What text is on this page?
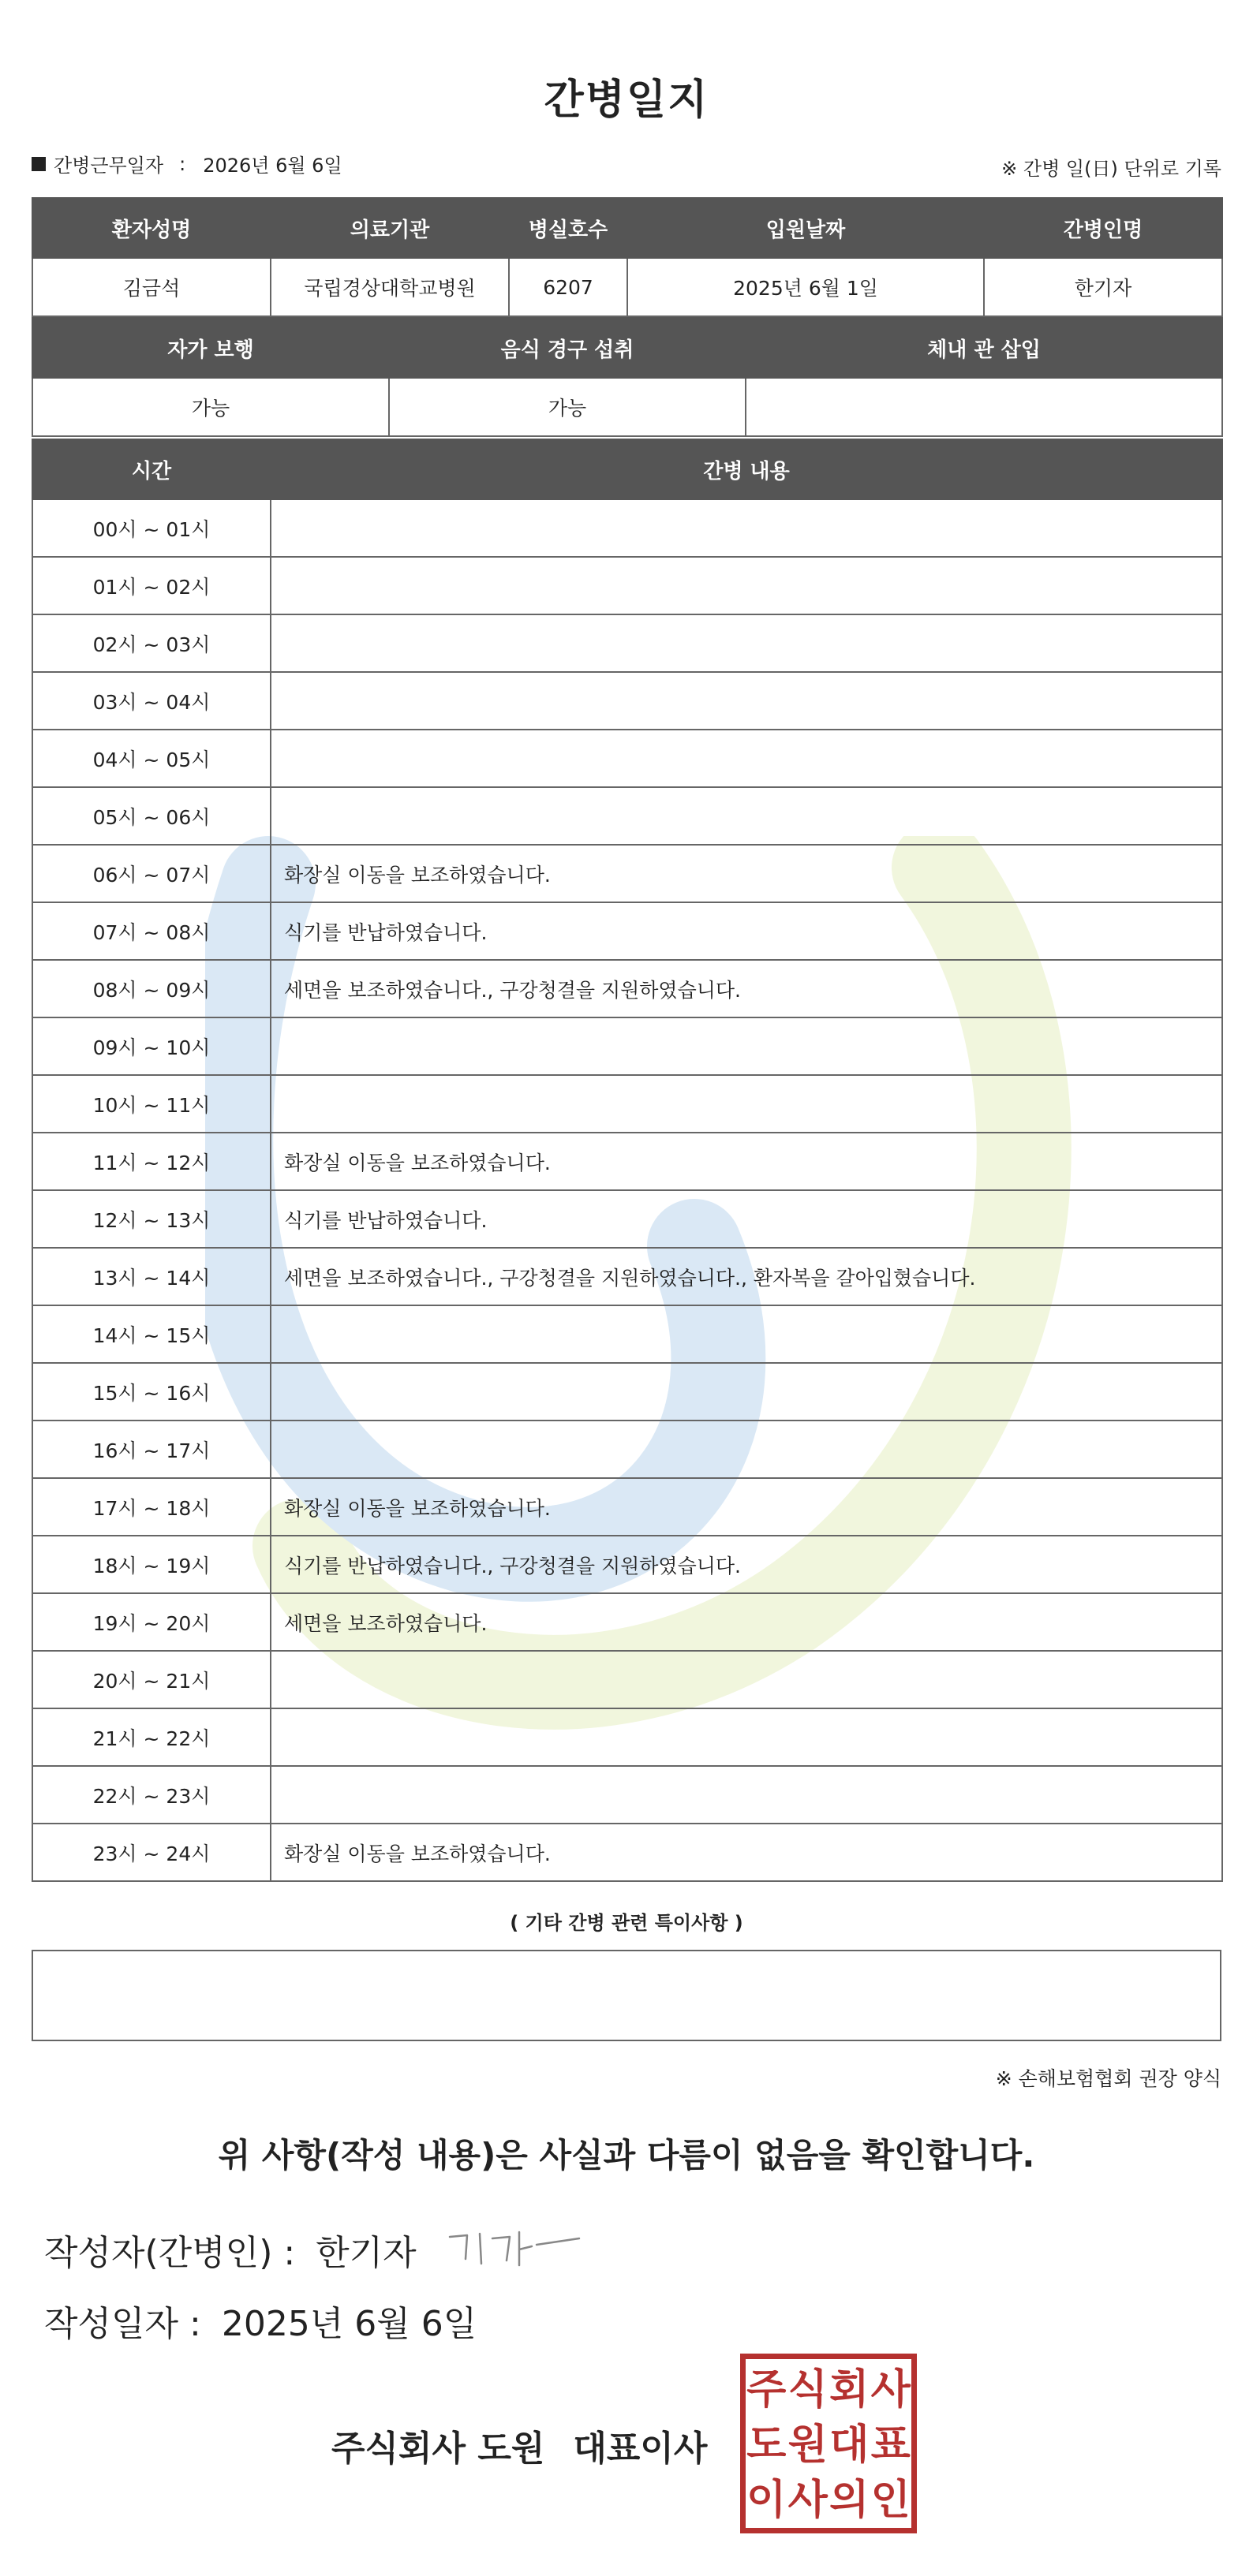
간병일지
간병근무일자 : 2026년 6월 6일	※ 간병 일(日) 단위로 기록
환자성명	의료기관	병실호수	입원날짜	간병인명
김금석	국립경상대학교병원	6207	2025년 6월 1일	한기자
자가 보행	음식 경구 섭취	체내 관 삽입
가능	가능	
시간	간병 내용
00시 ~ 01시	
01시 ~ 02시	
02시 ~ 03시	
03시 ~ 04시	
04시 ~ 05시	
05시 ~ 06시	
06시 ~ 07시	화장실 이동을 보조하였습니다.
07시 ~ 08시	식기를 반납하였습니다.
08시 ~ 09시	세면을 보조하였습니다., 구강청결을 지원하였습니다.
09시 ~ 10시	
10시 ~ 11시	
11시 ~ 12시	화장실 이동을 보조하였습니다.
12시 ~ 13시	식기를 반납하였습니다.
13시 ~ 14시	세면을 보조하였습니다., 구강청결을 지원하였습니다., 환자복을 갈아입혔습니다.
14시 ~ 15시	
15시 ~ 16시	
16시 ~ 17시	
17시 ~ 18시	화장실 이동을 보조하였습니다.
18시 ~ 19시	식기를 반납하였습니다., 구강청결을 지원하였습니다.
19시 ~ 20시	세면을 보조하였습니다.
20시 ~ 21시	
21시 ~ 22시	
22시 ~ 23시	
23시 ~ 24시	화장실 이동을 보조하였습니다.
( 기타 간병 관련 특이사항 )
※ 손해보험협회 권장 양식
위 사항(작성 내용)은 사실과 다름이 없음을 확인합니다.
작성자(간병인) : 한기자
작성일자 : 2025년 6월 6일
주식회사 도원 대표이사
주 식 회 사
도 원 대 표
이 사 의 인
